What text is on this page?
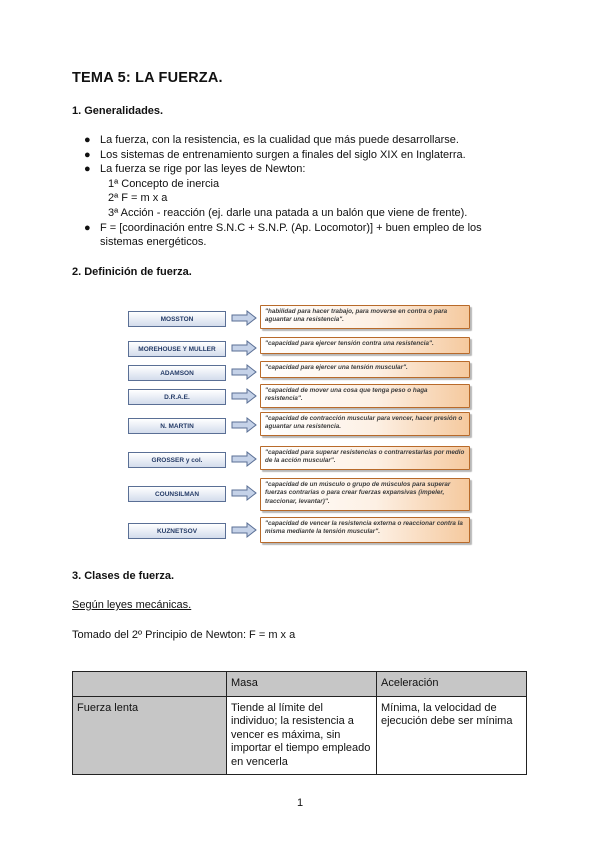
TEMA 5: LA FUERZA.
1. Generalidades.
● La fuerza, con la resistencia, es la cualidad que más puede desarrollarse.
● Los sistemas de entrenamiento surgen a finales del siglo XIX en Inglaterra.
● La fuerza se rige por las leyes de Newton:
1ª Concepto de inercia
2ª F = m x a
3ª Acción - reacción (ej. darle una patada a un balón que viene de frente).
● F = [coordinación entre S.N.C + S.N.P. (Ap. Locomotor)] + buen empleo de los
sistemas energéticos.
2. Definición de fuerza.
MOSSTON
"habilidad para hacer trabajo, para moverse en contra o para aguantar una resistencia".
MOREHOUSE Y MULLER
"capacidad para ejercer tensión contra una resistencia".
ADAMSON
"capacidad para ejercer una tensión muscular".
D.R.A.E.
"capacidad de mover una cosa que tenga peso o haga resistencia".
N. MARTIN
"capacidad de contracción muscular para vencer, hacer presión o aguantar una resistencia.
GROSSER y col.
"capacidad para superar resistencias o contrarrestarlas por medio de la acción muscular".
COUNSILMAN
"capacidad de un músculo o grupo de músculos para superar fuerzas contrarias o para crear fuerzas expansivas (impeler, traccionar, levantar)".
KUZNETSOV
"capacidad de vencer la resistencia externa o reaccionar contra la misma mediante la tensión muscular".
3. Clases de fuerza.
Según leyes mecánicas.
Tomado del 2º Principio de Newton: F = m x a
	Masa	Aceleración
Fuerza lenta	Tiende al límite del individuo; la resistencia a vencer es máxima, sin importar el tiempo empleado en vencerla	Mínima, la velocidad de ejecución debe ser mínima
1
